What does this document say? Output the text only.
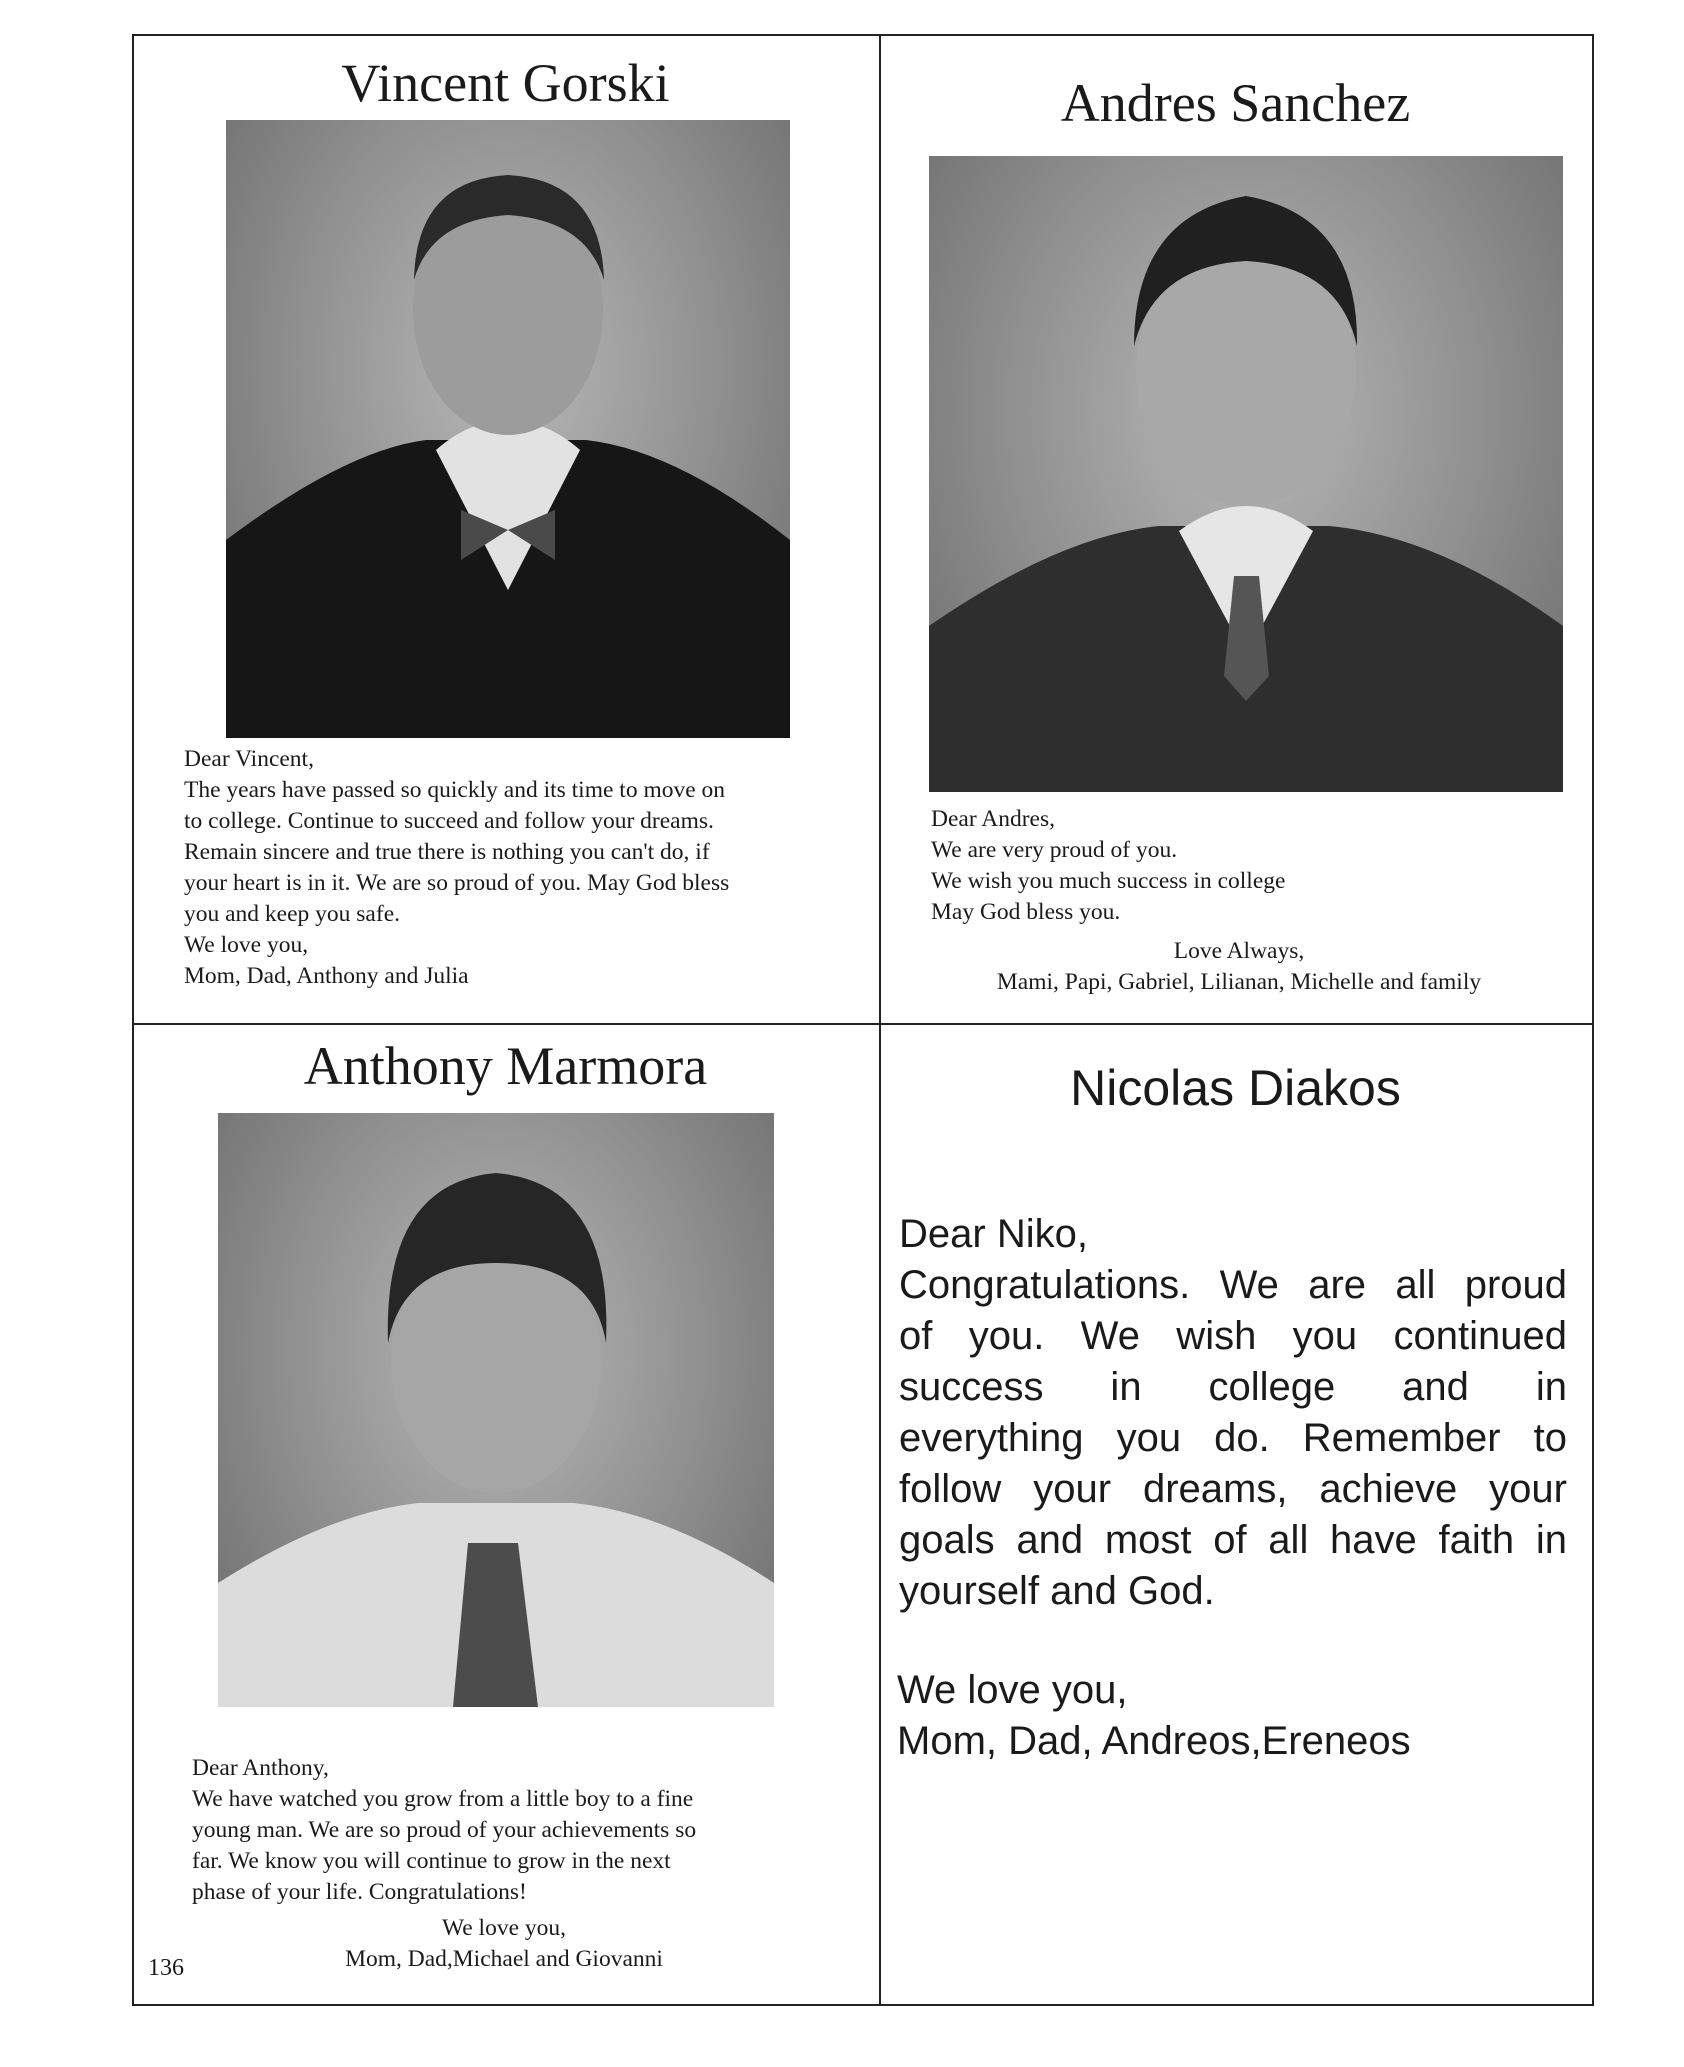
Vincent Gorski
Dear Vincent,
The years have passed so quickly and its time to move on
to college. Continue to succeed and follow your dreams.
Remain sincere and true there is nothing you can't do, if
your heart is in it. We are so proud of you. May God bless
you and keep you safe.
We love you,
Mom, Dad, Anthony and Julia
Andres Sanchez
Dear Andres,
We are very proud of you.
We wish you much success in college
May God bless you.
Love Always,
Mami, Papi, Gabriel, Lilianan, Michelle and family
Anthony Marmora
Dear Anthony,
We have watched you grow from a little boy to a fine
young man. We are so proud of your achievements so
far. We know you will continue to grow in the next
phase of your life. Congratulations!
We love you,
Mom, Dad,Michael and Giovanni
Nicolas Diakos
Dear Niko,
Congratulations. We are all proud
of you. We wish you continued
success in college and in
everything you do. Remember to
follow your dreams, achieve your
goals and most of all have faith in
yourself and God.
We love you,
Mom, Dad, Andreos,Ereneos
136
